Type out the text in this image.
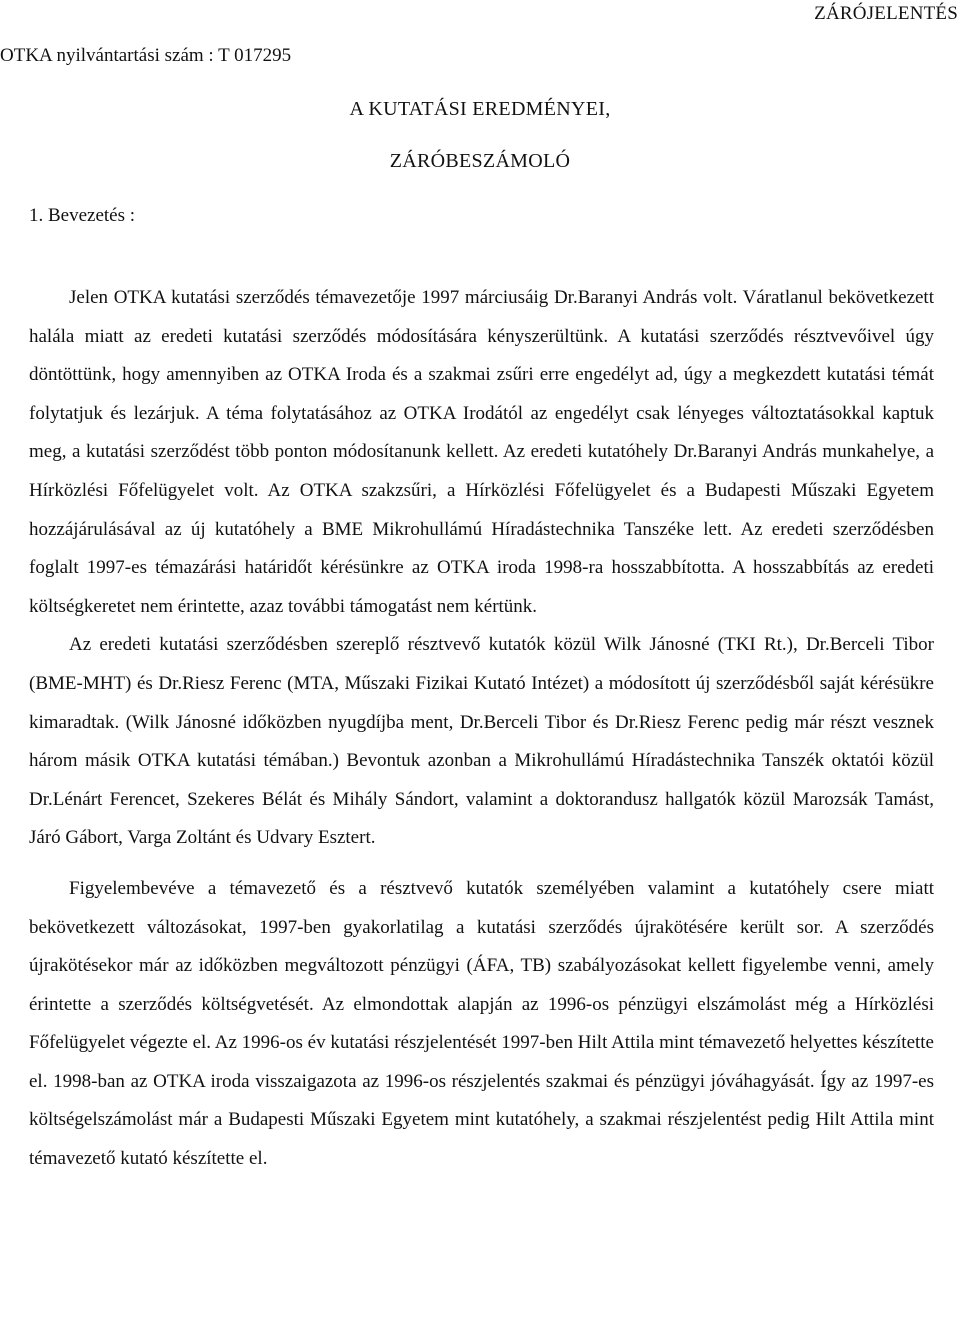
ZÁRÓJELENTÉS
OTKA nyilvántartási szám : T 017295
A KUTATÁSI EREDMÉNYEI,
ZÁRÓBESZÁMOLÓ
1. Bevezetés :

Jelen OTKA kutatási szerződés témavezetője 1997 márciusáig Dr.Baranyi András volt. Váratlanul bekövetkezett halála miatt az eredeti kutatási szerződés módosítására kényszerültünk. A kutatási szerződés résztvevőivel úgy döntöttünk, hogy amennyiben az OTKA Iroda és a szakmai zsűri erre engedélyt ad, úgy a megkezdett kutatási témát folytatjuk és lezárjuk. A téma folytatásához az OTKA Irodától az engedélyt csak lényeges változtatásokkal kaptuk meg, a kutatási szerződést több ponton módosítanunk kellett. Az eredeti kutatóhely Dr.Baranyi András munkahelye, a Hírközlési Főfelügyelet volt. Az OTKA szakzsűri, a Hírközlési Főfelügyelet és a Budapesti Műszaki Egyetem hozzájárulásával az új kutatóhely a BME Mikrohullámú Híradástechnika Tanszéke lett. Az eredeti szerződésben foglalt 1997-es témazárási határidőt kérésünkre az OTKA iroda 1998-ra hosszabbította. A hosszabbítás az eredeti költségkeretet nem érintette, azaz további támogatást nem kértünk.

Az eredeti kutatási szerződésben szereplő résztvevő kutatók közül Wilk Jánosné (TKI Rt.), Dr.Berceli Tibor (BME-MHT) és Dr.Riesz Ferenc (MTA, Műszaki Fizikai Kutató Intézet) a módosított új szerződésből saját kérésükre kimaradtak. (Wilk Jánosné időközben nyugdíjba ment, Dr.Berceli Tibor és Dr.Riesz Ferenc pedig már részt vesznek három másik OTKA kutatási témában.) Bevontuk azonban a Mikrohullámú Híradástechnika Tanszék oktatói közül Dr.Lénárt Ferencet, Szekeres Bélát és Mihály Sándort, valamint a doktorandusz hallgatók közül Marozsák Tamást, Járó Gábort, Varga Zoltánt és Udvary Esztert.

Figyelembevéve a témavezető és a résztvevő kutatók személyében valamint a kutatóhely csere miatt bekövetkezett változásokat, 1997-ben gyakorlatilag a kutatási szerződés újrakötésére került sor. A szerződés újrakötésekor már az időközben megváltozott pénzügyi (ÁFA, TB) szabályozásokat kellett figyelembe venni, amely érintette a szerződés költségvetését. Az elmondottak alapján az 1996-os pénzügyi elszámolást még a Hírközlési Főfelügyelet végezte el. Az 1996-os év kutatási részjelentését 1997-ben Hilt Attila mint témavezető helyettes készítette el. 1998-ban az OTKA iroda visszaigazota az 1996-os részjelentés szakmai és pénzügyi jóváhagyását. Így az 1997-es költségelszámolást már a Budapesti Műszaki Egyetem mint kutatóhely, a szakmai részjelentést pedig Hilt Attila mint témavezető kutató készítette el.
